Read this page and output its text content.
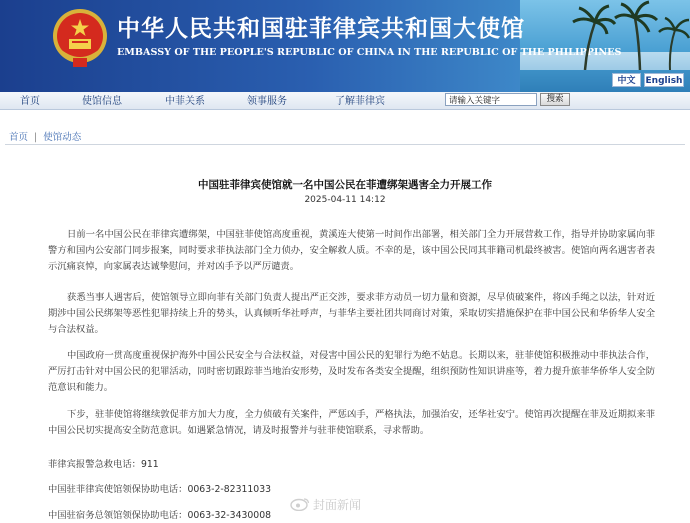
中华人民共和国驻菲律宾共和国大使馆
EMBASSY OF THE PEOPLE'S REPUBLIC OF CHINA IN THE REPUBLIC OF THE PHILIPPINES
中文	English
首页	使馆信息	中菲关系	领事服务	了解菲律宾
请输入关键字	搜索
首页 | 使馆动态
中国驻菲律宾使馆就一名中国公民在菲遭绑架遇害全力开展工作
2025-04-11 14:12

日前一名中国公民在菲律宾遭绑架，中国驻菲使馆高度重视，黄溪连大使第一时间作出部署，相关部门全力开展营救工作，指导并协助家属向菲警方和国内公安部门同步报案，同时要求菲执法部门全力侦办，安全解救人质。不幸的是，该中国公民同其菲籍司机最终被害。使馆向两名遇害者表示沉痛哀悼，向家属表达诚挚慰问，并对凶手予以严厉谴责。

获悉当事人遇害后，使馆领导立即向菲有关部门负责人提出严正交涉，要求菲方动员一切力量和资源，尽早侦破案件，将凶手绳之以法，针对近期涉中国公民绑架等恶性犯罪持续上升的势头，认真倾听华社呼声，与菲华主要社团共同商讨对策，采取切实措施保护在菲中国公民和华侨华人安全与合法权益。

中国政府一贯高度重视保护海外中国公民安全与合法权益，对侵害中国公民的犯罪行为绝不姑息。长期以来，驻菲使馆积极推动中菲执法合作，严厉打击针对中国公民的犯罪活动，同时密切跟踪菲当地治安形势，及时发布各类安全提醒，组织预防性知识讲座等，着力提升旅菲华侨华人安全防范意识和能力。

下步，驻菲使馆将继续敦促菲方加大力度，全力侦破有关案件，严惩凶手，严格执法，加强治安，还华社安宁。使馆再次提醒在菲及近期拟来菲中国公民切实提高安全防范意识。如遇紧急情况，请及时报警并与驻菲使馆联系，寻求帮助。

菲律宾报警急救电话：911
中国驻菲律宾使馆领保协助电话：0063-2-82311033
中国驻宿务总领馆领保协助电话：0063-32-3430008
封面新闻
